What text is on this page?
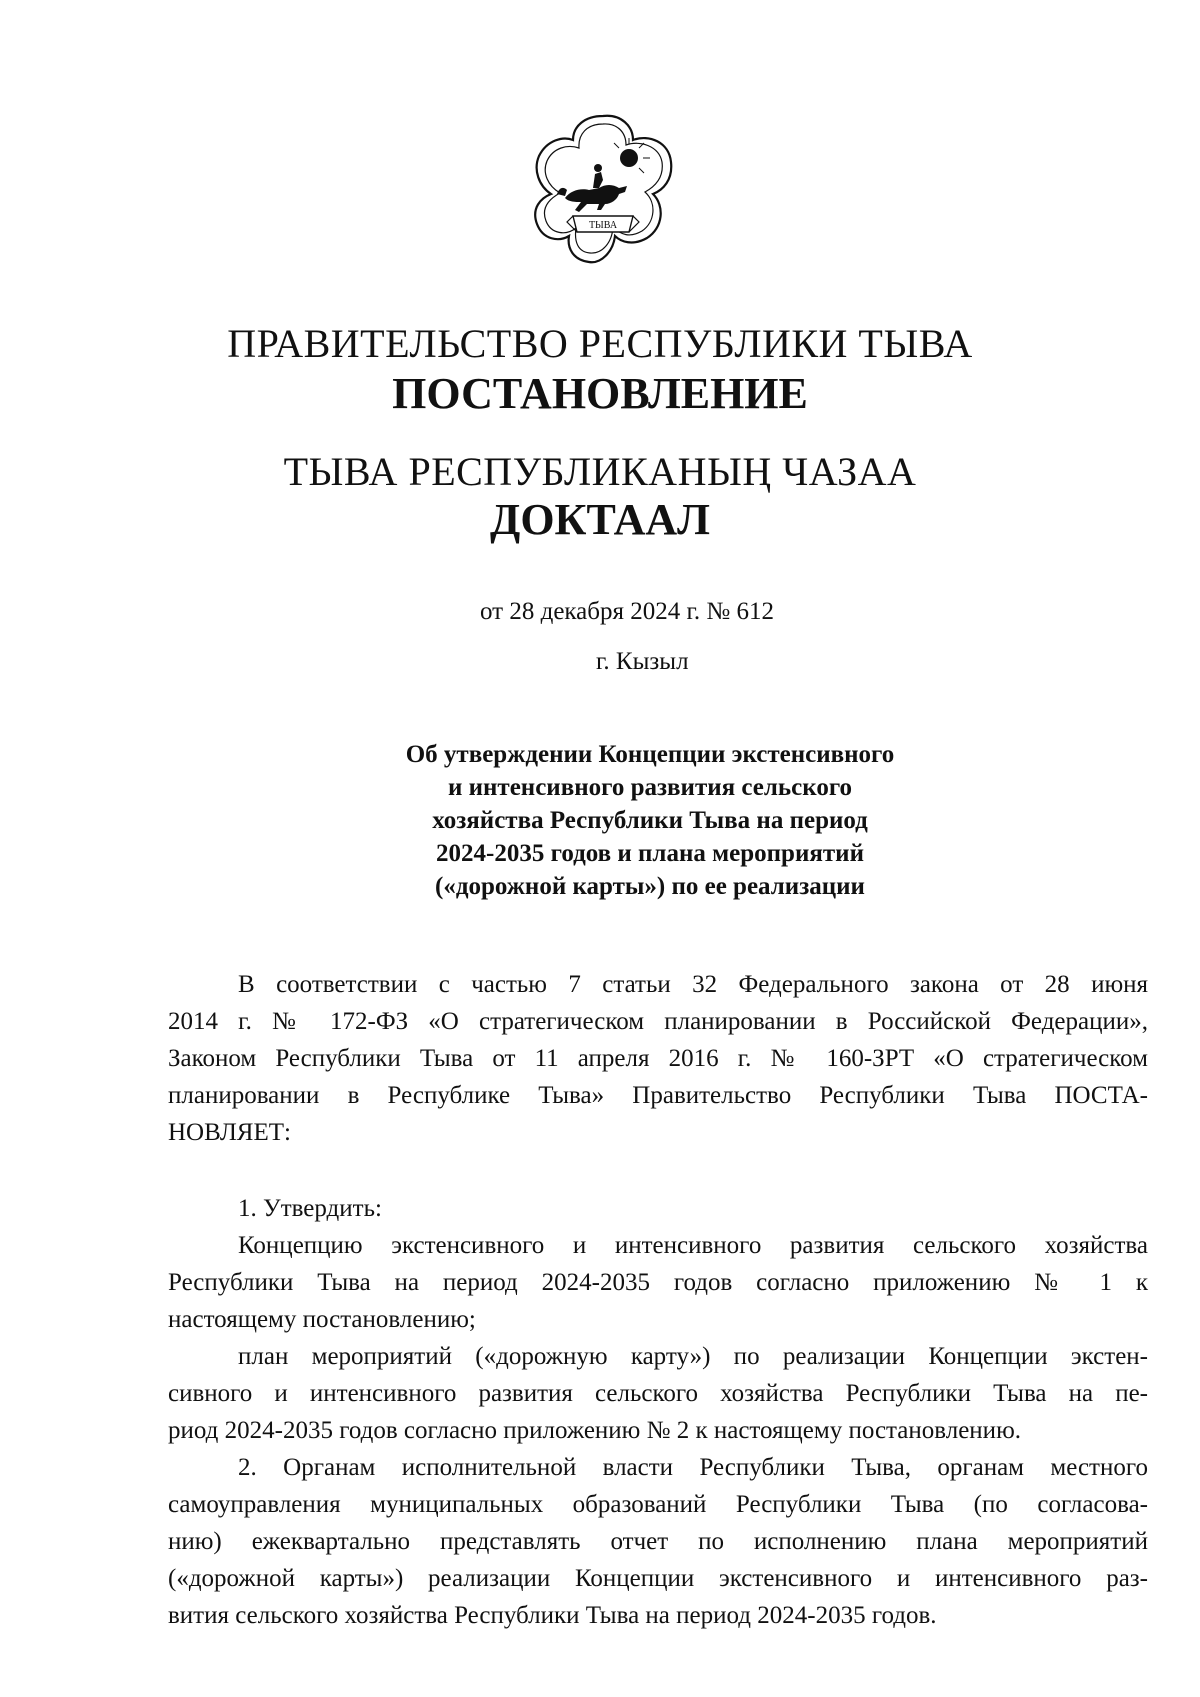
ТЫВА
ПРАВИТЕЛЬСТВО РЕСПУБЛИКИ ТЫВА
ПОСТАНОВЛЕНИЕ
ТЫВА РЕСПУБЛИКАНЫҢ ЧАЗАА
ДОКТААЛ
от 28 декабря 2024 г. № 612
г. Кызыл
Об утверждении Концепции экстенсивного
и интенсивного развития сельского
хозяйства Республики Тыва на период
2024-2035 годов и плана мероприятий
(«дорожной карты») по ее реализации
В соответствии с частью 7 статьи 32 Федерального закона от 28 июня
2014 г. № 172-ФЗ «О стратегическом планировании в Российской Федерации»,
Законом Республики Тыва от 11 апреля 2016 г. № 160-ЗРТ «О стратегическом
планировании в Республике Тыва» Правительство Республики Тыва ПОСТА-
НОВЛЯЕТ:
1. Утвердить:
Концепцию экстенсивного и интенсивного развития сельского хозяйства
Республики Тыва на период 2024-2035 годов согласно приложению № 1 к
настоящему постановлению;
план мероприятий («дорожную карту») по реализации Концепции экстен-
сивного и интенсивного развития сельского хозяйства Республики Тыва на пе-
риод 2024-2035 годов согласно приложению № 2 к настоящему постановлению.
2. Органам исполнительной власти Республики Тыва, органам местного
самоуправления муниципальных образований Республики Тыва (по согласова-
нию) ежеквартально представлять отчет по исполнению плана мероприятий
(«дорожной карты») реализации Концепции экстенсивного и интенсивного раз-
вития сельского хозяйства Республики Тыва на период 2024-2035 годов.
